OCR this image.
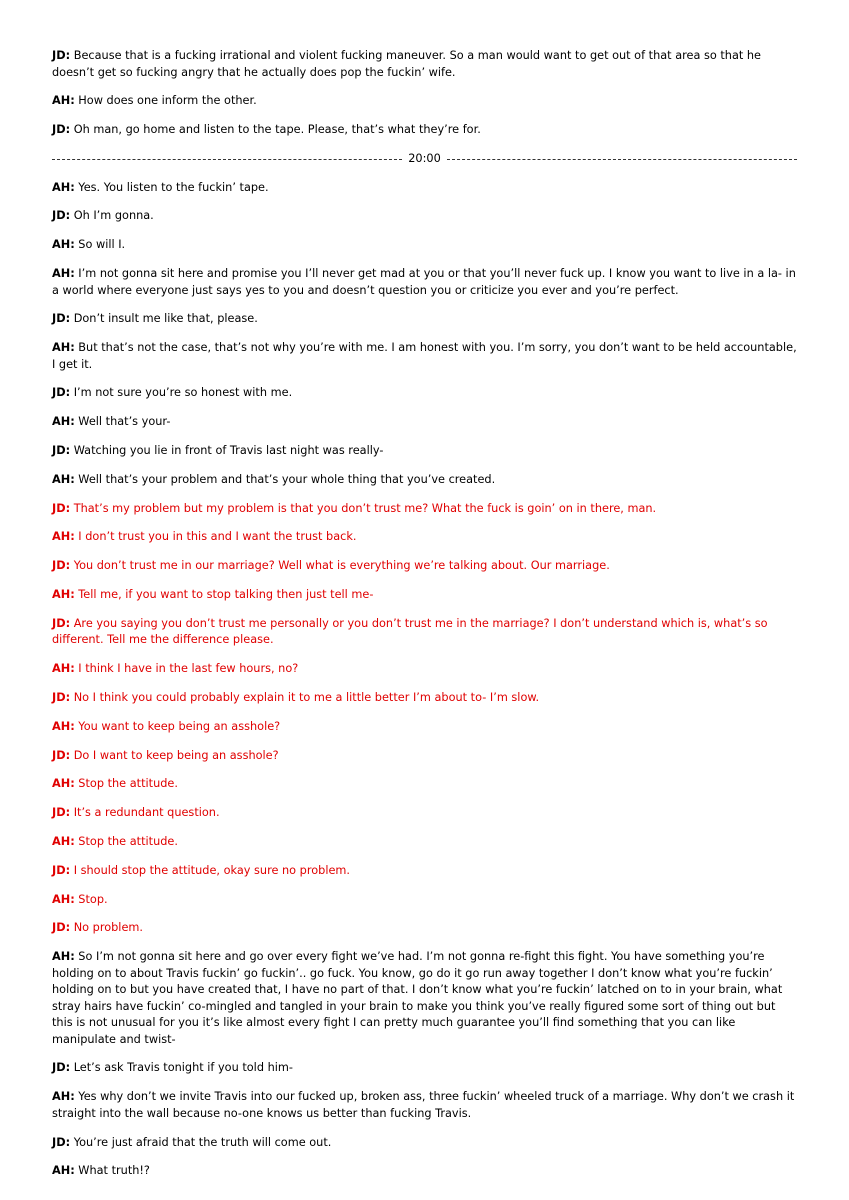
JD: Because that is a fucking irrational and violent fucking maneuver. So a man would want to get out of that area so that he doesn’t get so fucking angry that he actually does pop the fuckin’ wife.

AH: How does one inform the other.

JD: Oh man, go home and listen to the tape. Please, that’s what they’re for.

20:00

AH: Yes. You listen to the fuckin’ tape.

JD: Oh I’m gonna.

AH: So will I.

AH: I’m not gonna sit here and promise you I’ll never get mad at you or that you’ll never fuck up. I know you want to live in a la- in a world where everyone just says yes to you and doesn’t question you or criticize you ever and you’re perfect.

JD: Don’t insult me like that, please.

AH: But that’s not the case, that’s not why you’re with me. I am honest with you. I’m sorry, you don’t want to be held accountable, I get it.

JD: I’m not sure you’re so honest with me.

AH: Well that’s your-

JD: Watching you lie in front of Travis last night was really-

AH: Well that’s your problem and that’s your whole thing that you’ve created.

JD: That’s my problem but my problem is that you don’t trust me? What the fuck is goin’ on in there, man.

AH: I don’t trust you in this and I want the trust back.

JD: You don’t trust me in our marriage? Well what is everything we’re talking about. Our marriage.

AH: Tell me, if you want to stop talking then just tell me-

JD: Are you saying you don’t trust me personally or you don’t trust me in the marriage? I don’t understand which is, what’s so different. Tell me the difference please.

AH: I think I have in the last few hours, no?

JD: No I think you could probably explain it to me a little better I’m about to- I’m slow.

AH: You want to keep being an asshole?

JD: Do I want to keep being an asshole?

AH: Stop the attitude.

JD: It’s a redundant question.

AH: Stop the attitude.

JD: I should stop the attitude, okay sure no problem.

AH: Stop.

JD: No problem.

AH: So I’m not gonna sit here and go over every fight we’ve had. I’m not gonna re-fight this fight. You have something you’re holding on to about Travis fuckin’ go fuckin’.. go fuck. You know, go do it go run away together I don’t know what you’re fuckin’ holding on to but you have created that, I have no part of that. I don’t know what you’re fuckin’ latched on to in your brain, what stray hairs have fuckin’ co-mingled and tangled in your brain to make you think you’ve really figured some sort of thing out but this is not unusual for you it’s like almost every fight I can pretty much guarantee you’ll find something that you can like manipulate and twist-

JD: Let’s ask Travis tonight if you told him-

AH: Yes why don’t we invite Travis into our fucked up, broken ass, three fuckin’ wheeled truck of a marriage. Why don’t we crash it straight into the wall because no-one knows us better than fucking Travis.

JD: You’re just afraid that the truth will come out.

AH: What truth!?
